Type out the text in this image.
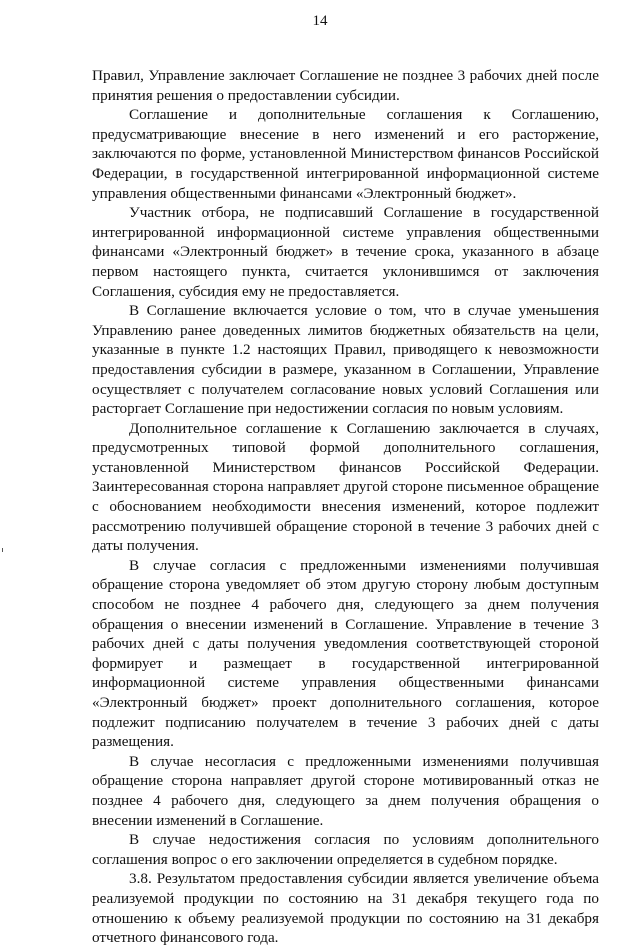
14

Правил, Управление заключает Соглашение не позднее 3 рабочих дней после принятия решения о предоставлении субсидии.

Соглашение и дополнительные соглашения к Соглашению, предусматривающие внесение в него изменений и его расторжение, заключаются по форме, установленной Министерством финансов Российской Федерации, в государственной интегрированной информационной системе управления общественными финансами «Электронный бюджет».

Участник отбора, не подписавший Соглашение в государственной интегрированной информационной системе управления общественными финансами «Электронный бюджет» в течение срока, указанного в абзаце первом настоящего пункта, считается уклонившимся от заключения Соглашения, субсидия ему не предоставляется.

В Соглашение включается условие о том, что в случае уменьшения Управлению ранее доведенных лимитов бюджетных обязательств на цели, указанные в пункте 1.2 настоящих Правил, приводящего к невозможности предоставления субсидии в размере, указанном в Соглашении, Управление осуществляет с получателем согласование новых условий Соглашения или расторгает Соглашение при недостижении согласия по новым условиям.

Дополнительное соглашение к Соглашению заключается в случаях, предусмотренных типовой формой дополнительного соглашения, установленной Министерством финансов Российской Федерации. Заинтересованная сторона направляет другой стороне письменное обращение с обоснованием необходимости внесения изменений, которое подлежит рассмотрению получившей обращение стороной в течение 3 рабочих дней с даты получения.

В случае согласия с предложенными изменениями получившая обращение сторона уведомляет об этом другую сторону любым доступным способом не позднее 4 рабочего дня, следующего за днем получения обращения о внесении изменений в Соглашение. Управление в течение 3 рабочих дней с даты получения уведомления соответствующей стороной формирует и размещает в государственной интегрированной информационной системе управления общественными финансами «Электронный бюджет» проект дополнительного соглашения, которое подлежит подписанию получателем в течение 3 рабочих дней с даты размещения.

В случае несогласия с предложенными изменениями получившая обращение сторона направляет другой стороне мотивированный отказ не позднее 4 рабочего дня, следующего за днем получения обращения о внесении изменений в Соглашение.

В случае недостижения согласия по условиям дополнительного соглашения вопрос о его заключении определяется в судебном порядке.

3.8. Результатом предоставления субсидии является увеличение объема реализуемой продукции по состоянию на 31 декабря текущего года по отношению к объему реализуемой продукции по состоянию на 31 декабря отчетного финансового года.
